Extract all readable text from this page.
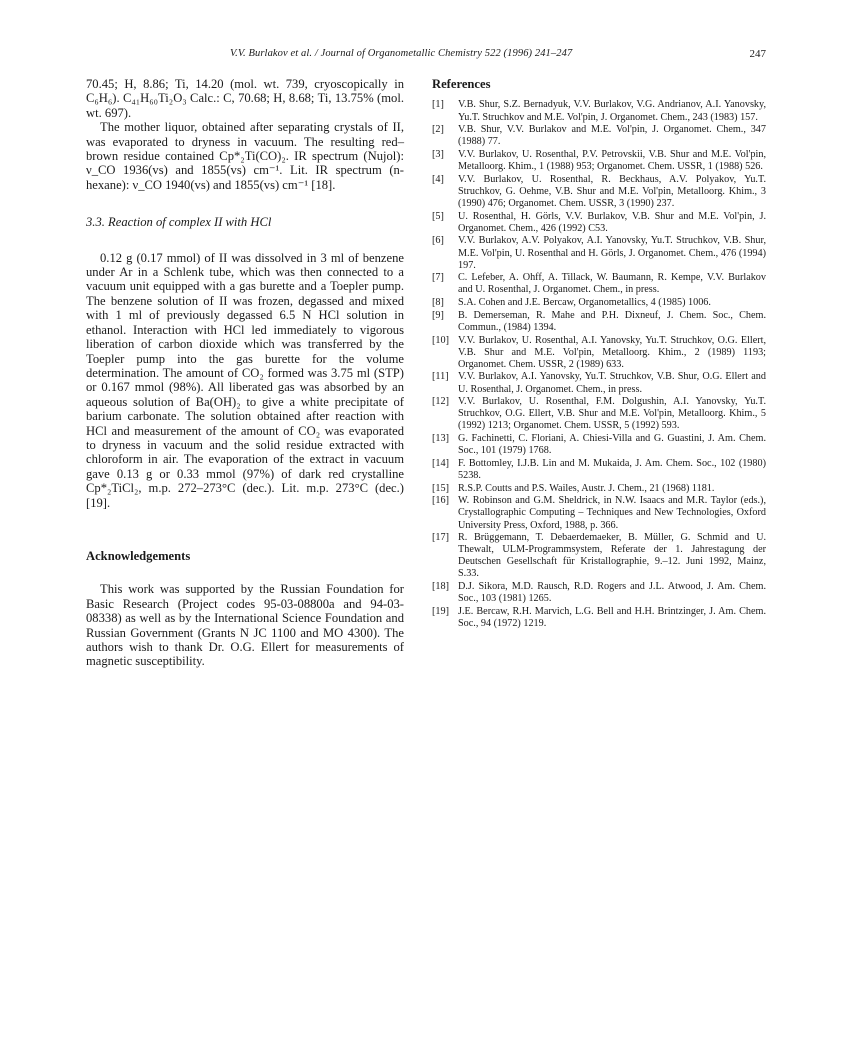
V.V. Burlakov et al. / Journal of Organometallic Chemistry 522 (1996) 241–247	247

70.45; H, 8.86; Ti, 14.20 (mol. wt. 739, cryoscopically in C₆H₆). C₄₁H₆₀Ti₂O₃ Calc.: C, 70.68; H, 8.68; Ti, 13.75% (mol. wt. 697).

The mother liquor, obtained after separating crystals of II, was evaporated to dryness in vacuum. The resulting red–brown residue contained Cp*₂Ti(CO)₂. IR spectrum (Nujol): ν_CO 1936(vs) and 1855(vs) cm⁻¹. Lit. IR spectrum (n-hexane): ν_CO 1940(vs) and 1855(vs) cm⁻¹ [18].

3.3. Reaction of complex II with HCl

0.12 g (0.17 mmol) of II was dissolved in 3 ml of benzene under Ar in a Schlenk tube, which was then connected to a vacuum unit equipped with a gas burette and a Toepler pump. The benzene solution of II was frozen, degassed and mixed with 1 ml of previously degassed 6.5 N HCl solution in ethanol. Interaction with HCl led immediately to vigorous liberation of carbon dioxide which was transferred by the Toepler pump into the gas burette for the volume determination. The amount of CO₂ formed was 3.75 ml (STP) or 0.167 mmol (98%). All liberated gas was absorbed by an aqueous solution of Ba(OH)₂ to give a white precipitate of barium carbonate. The solution obtained after reaction with HCl and measurement of the amount of CO₂ was evaporated to dryness in vacuum and the solid residue extracted with chloroform in air. The evaporation of the extract in vacuum gave 0.13 g or 0.33 mmol (97%) of dark red crystalline Cp*₂TiCl₂, m.p. 272–273°C (dec.). Lit. m.p. 273°C (dec.) [19].

Acknowledgements

This work was supported by the Russian Foundation for Basic Research (Project codes 95-03-08800a and 94-03-08338) as well as by the International Science Foundation and Russian Government (Grants N JC 1100 and MO 4300). The authors wish to thank Dr. O.G. Ellert for measurements of magnetic susceptibility.

References
[1]	V.B. Shur, S.Z. Bernadyuk, V.V. Burlakov, V.G. Andrianov, A.I. Yanovsky, Yu.T. Struchkov and M.E. Vol'pin, J. Organomet. Chem., 243 (1983) 157.
[2]	V.B. Shur, V.V. Burlakov and M.E. Vol'pin, J. Organomet. Chem., 347 (1988) 77.
[3]	V.V. Burlakov, U. Rosenthal, P.V. Petrovskii, V.B. Shur and M.E. Vol'pin, Metalloorg. Khim., 1 (1988) 953; Organomet. Chem. USSR, 1 (1988) 526.
[4]	V.V. Burlakov, U. Rosenthal, R. Beckhaus, A.V. Polyakov, Yu.T. Struchkov, G. Oehme, V.B. Shur and M.E. Vol'pin, Metalloorg. Khim., 3 (1990) 476; Organomet. Chem. USSR, 3 (1990) 237.
[5]	U. Rosenthal, H. Görls, V.V. Burlakov, V.B. Shur and M.E. Vol'pin, J. Organomet. Chem., 426 (1992) C53.
[6]	V.V. Burlakov, A.V. Polyakov, A.I. Yanovsky, Yu.T. Struchkov, V.B. Shur, M.E. Vol'pin, U. Rosenthal and H. Görls, J. Organomet. Chem., 476 (1994) 197.
[7]	C. Lefeber, A. Ohff, A. Tillack, W. Baumann, R. Kempe, V.V. Burlakov and U. Rosenthal, J. Organomet. Chem., in press.
[8]	S.A. Cohen and J.E. Bercaw, Organometallics, 4 (1985) 1006.
[9]	B. Demerseman, R. Mahe and P.H. Dixneuf, J. Chem. Soc., Chem. Commun., (1984) 1394.
[10] V.V. Burlakov, U. Rosenthal, A.I. Yanovsky, Yu.T. Struchkov, O.G. Ellert, V.B. Shur and M.E. Vol'pin, Metalloorg. Khim., 2 (1989) 1193; Organomet. Chem. USSR, 2 (1989) 633.
[11] V.V. Burlakov, A.I. Yanovsky, Yu.T. Struchkov, V.B. Shur, O.G. Ellert and U. Rosenthal, J. Organomet. Chem., in press.
[12] V.V. Burlakov, U. Rosenthal, F.M. Dolgushin, A.I. Yanovsky, Yu.T. Struchkov, O.G. Ellert, V.B. Shur and M.E. Vol'pin, Metalloorg. Khim., 5 (1992) 1213; Organomet. Chem. USSR, 5 (1992) 593.
[13] G. Fachinetti, C. Floriani, A. Chiesi-Villa and G. Guastini, J. Am. Chem. Soc., 101 (1979) 1768.
[14] F. Bottomley, I.J.B. Lin and M. Mukaida, J. Am. Chem. Soc., 102 (1980) 5238.
[15] R.S.P. Coutts and P.S. Wailes, Austr. J. Chem., 21 (1968) 1181.
[16] W. Robinson and G.M. Sheldrick, in N.W. Isaacs and M.R. Taylor (eds.), Crystallographic Computing – Techniques and New Technologies, Oxford University Press, Oxford, 1988, p. 366.
[17] R. Brüggemann, T. Debaerdemaeker, B. Müller, G. Schmid and U. Thewalt, ULM-Programmsystem, Referate der 1. Jahrestagung der Deutschen Gesellschaft für Kristallographie, 9.–12. Juni 1992, Mainz, S.33.
[18] D.J. Sikora, M.D. Rausch, R.D. Rogers and J.L. Atwood, J. Am. Chem. Soc., 103 (1981) 1265.
[19] J.E. Bercaw, R.H. Marvich, L.G. Bell and H.H. Brintzinger, J. Am. Chem. Soc., 94 (1972) 1219.
